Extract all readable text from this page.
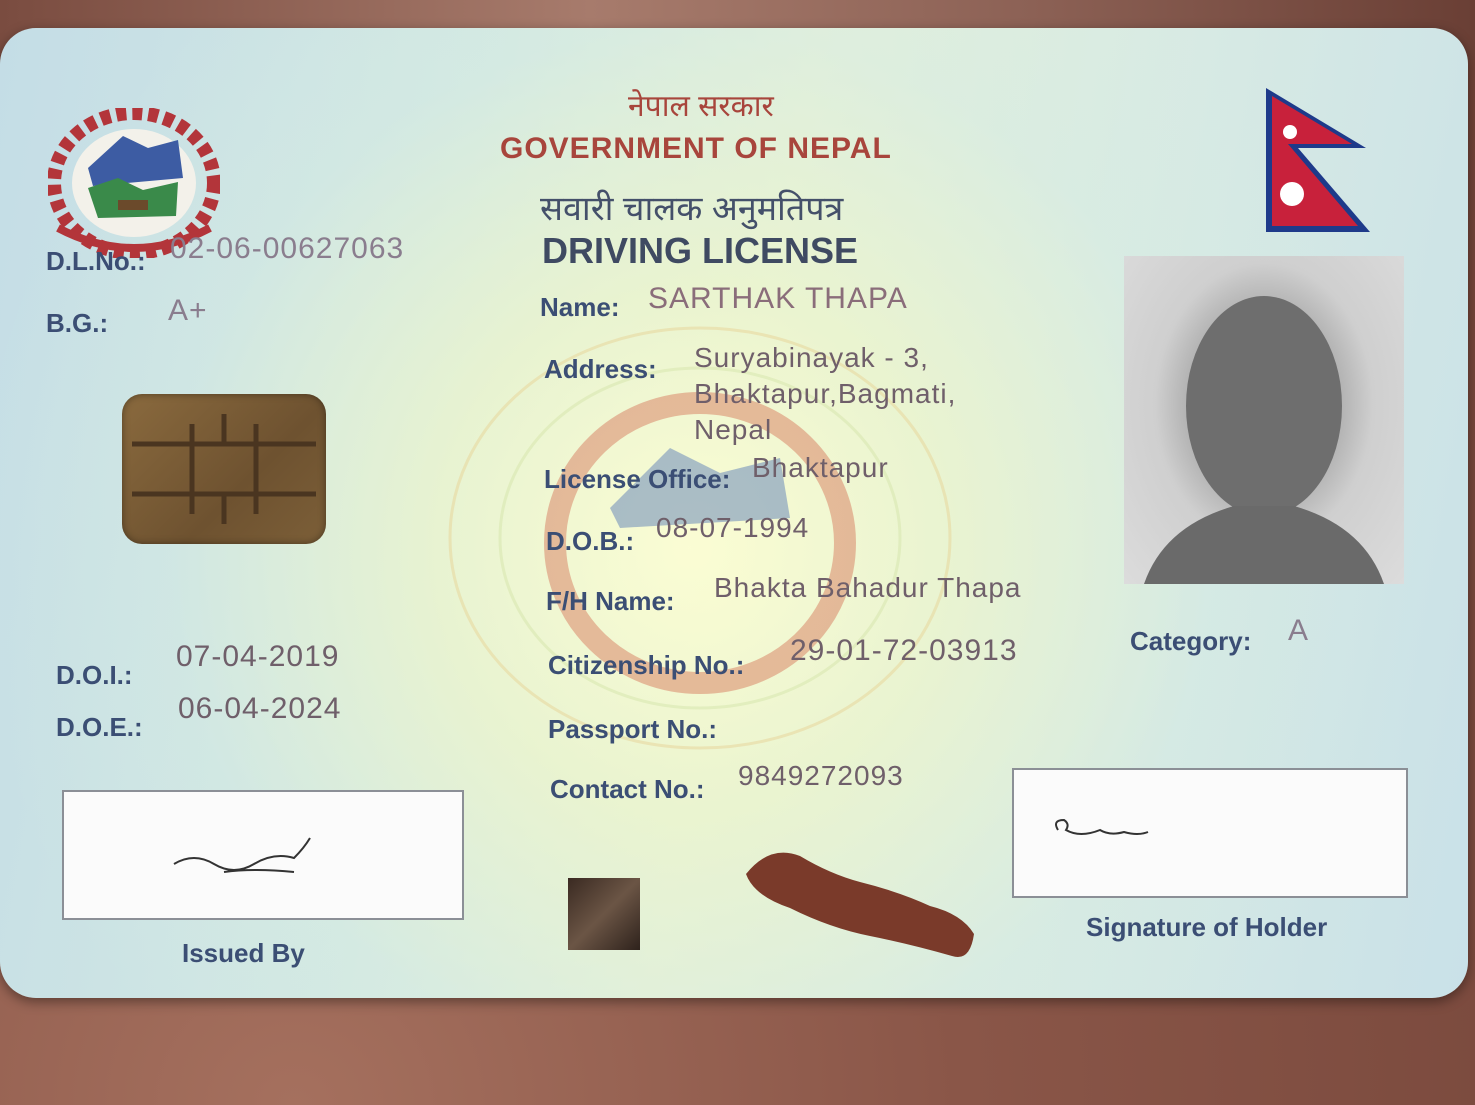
नेपाल सरकार
GOVERNMENT OF NEPAL
सवारी चालक अनुमतिपत्र
DRIVING LICENSE
D.L.No.: 02-06-00627063
B.G.: A+
D.O.I.:
07-04-2019
D.O.E.:
06-04-2024
Issued By
Name: SARTHAK THAPA
Address: Suryabinayak - 3,
Bhaktapur,Bagmati,
Nepal
License Office: Bhaktapur
D.O.B.: 08-07-1994
F/H Name: Bhakta Bahadur Thapa
Citizenship No.: 29-01-72-03913
Passport No.:
Contact No.: 9849272093
Category: A
Signature of Holder
